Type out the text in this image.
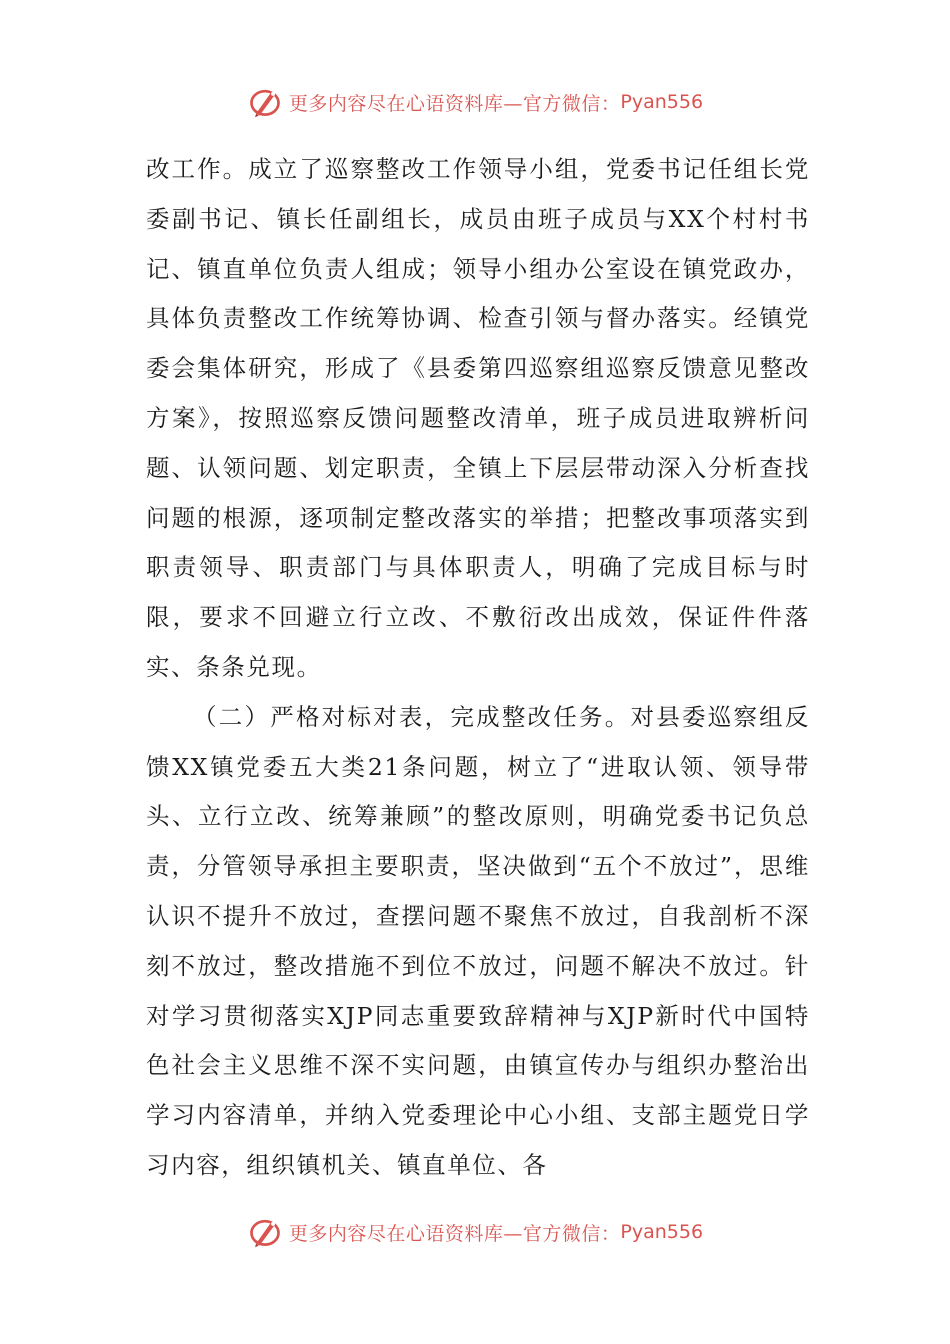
更多内容尽在心语资料库—官方微信： Pyan556

改工作。成立了巡察整改工作领导小组，党委书记任组长党委副书记、镇长任副组长，成员由班子成员与XX个村村书记、镇直单位负责人组成；领导小组办公室设在镇党政办，具体负责整改工作统筹协调、检查引领与督办落实。经镇党委会集体研究，形成了《县委第四巡察组巡察反馈意见整改方案》，按照巡察反馈问题整改清单，班子成员进取辨析问题、认领问题、划定职责，全镇上下层层带动深入分析查找问题的根源，逐项制定整改落实的举措；把整改事项落实到职责领导、职责部门与具体职责人，明确了完成目标与时限，要求不回避立行立改、不敷衍改出成效，保证件件落实、条条兑现。

（二）严格对标对表，完成整改任务。对县委巡察组反馈XX镇党委五大类21条问题，树立了“进取认领、领导带头、立行立改、统筹兼顾”的整改原则，明确党委书记负总责，分管领导承担主要职责，坚决做到“五个不放过”，思维认识不提升不放过，查摆问题不聚焦不放过，自我剖析不深刻不放过，整改措施不到位不放过，问题不解决不放过。针对学习贯彻落实XJP同志重要致辞精神与XJP新时代中国特色社会主义思维不深不实问题，由镇宣传办与组织办整治出学习内容清单，并纳入党委理论中心小组、支部主题党日学习内容，组织镇机关、镇直单位、各

更多内容尽在心语资料库—官方微信： Pyan556
